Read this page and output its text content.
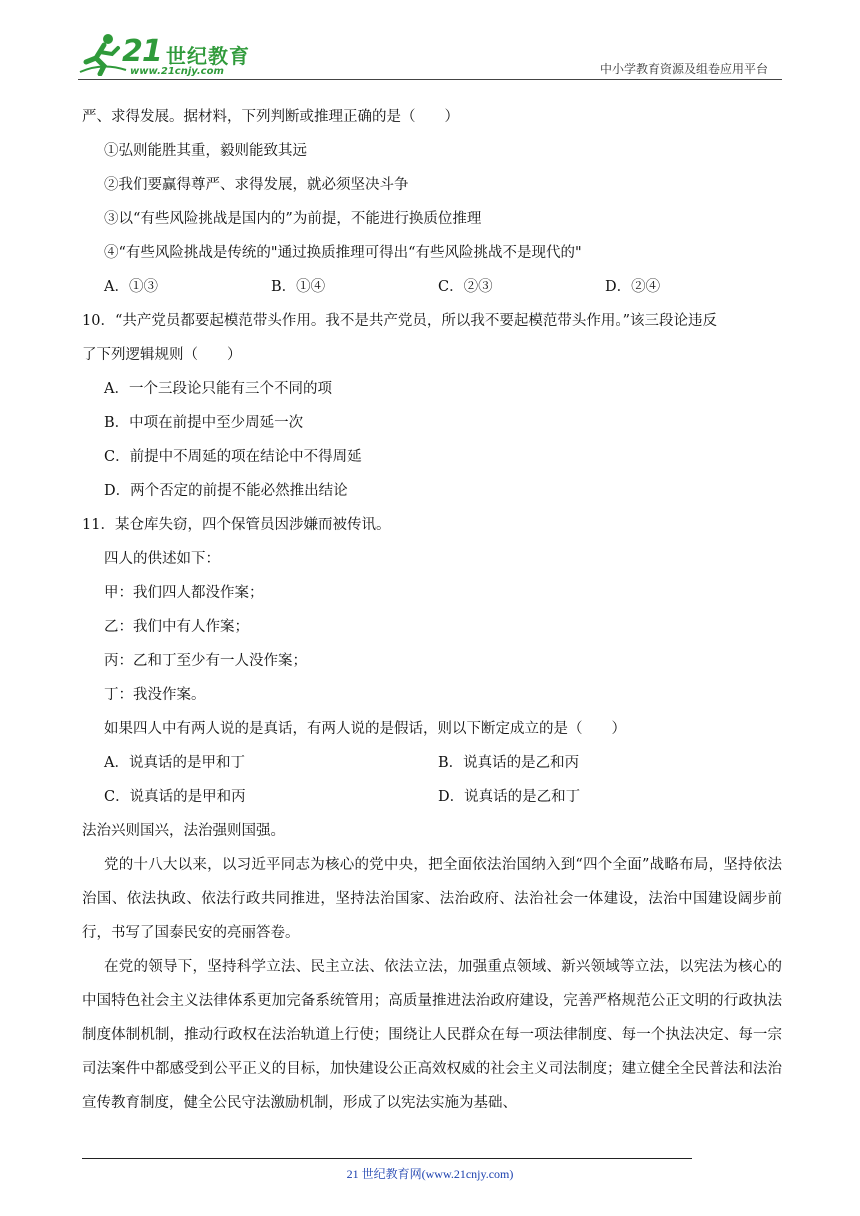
21 世纪教育
www.21cnjy.com	中小学教育资源及组卷应用平台
严、求得发展。据材料，下列判断或推理正确的是（　　）
①弘则能胜其重，毅则能致其远
②我们要赢得尊严、求得发展，就必须坚决斗争
③以“有些风险挑战是国内的”为前提，不能进行换质位推理
④“有些风险挑战是传统的"通过换质推理可得出“有些风险挑战不是现代的"
A．①③	B．①④	C．②③	D．②④
10．“共产党员都要起模范带头作用。我不是共产党员，所以我不要起模范带头作用。”该三段论违反
了下列逻辑规则（　　）
A．一个三段论只能有三个不同的项
B．中项在前提中至少周延一次
C．前提中不周延的项在结论中不得周延
D．两个否定的前提不能必然推出结论
11．某仓库失窃，四个保管员因涉嫌而被传讯。
四人的供述如下：
甲：我们四人都没作案；
乙：我们中有人作案；
丙：乙和丁至少有一人没作案；
丁：我没作案。
如果四人中有两人说的是真话，有两人说的是假话，则以下断定成立的是（　　）
A．说真话的是甲和丁	B．说真话的是乙和丙
C．说真话的是甲和丙	D．说真话的是乙和丁
法治兴则国兴，法治强则国强。
党的十八大以来，以习近平同志为核心的党中央，把全面依法治国纳入到“四个全面”战略布局，坚持依法治国、依法执政、依法行政共同推进，坚持法治国家、法治政府、法治社会一体建设，法治中国建设阔步前行，书写了国泰民安的亮丽答卷。
在党的领导下，坚持科学立法、民主立法、依法立法，加强重点领域、新兴领域等立法，以宪法为核心的中国特色社会主义法律体系更加完备系统管用；高质量推进法治政府建设，完善严格规范公正文明的行政执法制度体制机制，推动行政权在法治轨道上行使；围绕让人民群众在每一项法律制度、每一个执法决定、每一宗司法案件中都感受到公平正义的目标，加快建设公正高效权威的社会主义司法制度；建立健全全民普法和法治宣传教育制度，健全公民守法激励机制，形成了以宪法实施为基础、
21 世纪教育网(www.21cnjy.com)
